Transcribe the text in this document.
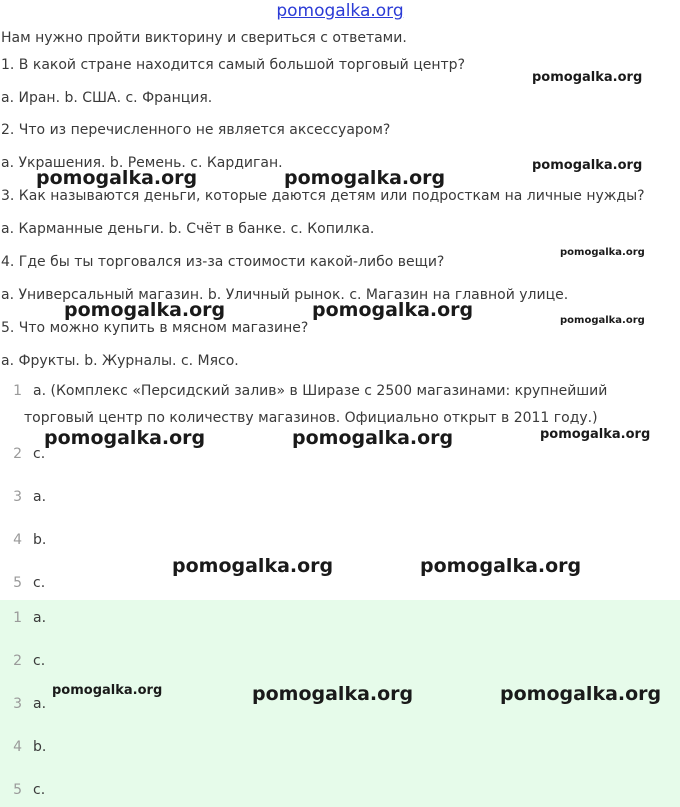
pomogalka.org
Нам нужно пройти викторину и свериться с ответами.
1. В какой стране находится самый большой торговый центр?
a. Иран. b. США. c. Франция.
2. Что из перечисленного не является аксессуаром?
a. Украшения. b. Ремень. c. Кардиган.
3. Как называются деньги, которые даются детям или подросткам на личные нужды?
a. Карманные деньги. b. Счёт в банке. c. Копилка.
4. Где бы ты торговался из-за стоимости какой-либо вещи?
a. Универсальный магазин. b. Уличный рынок. c. Магазин на главной улице.
5. Что можно купить в мясном магазине?
a. Фрукты. b. Журналы. c. Мясо.
1 a. (Комплекс «Персидский залив» в Ширазе с 2500 магазинами: крупнейший
торговый центр по количеству магазинов. Официально открыт в 2011 году.)
2 c.
3 a.
4 b.
5 c.
1 a.
2 c.
3 a.
4 b.
5 c.
pomogalka.org
pomogalka.org
pomogalka.org	pomogalka.org
pomogalka.org
pomogalka.org	pomogalka.org	pomogalka.org
pomogalka.org	pomogalka.org	pomogalka.org
pomogalka.org	pomogalka.org
pomogalka.org	pomogalka.org	pomogalka.org
